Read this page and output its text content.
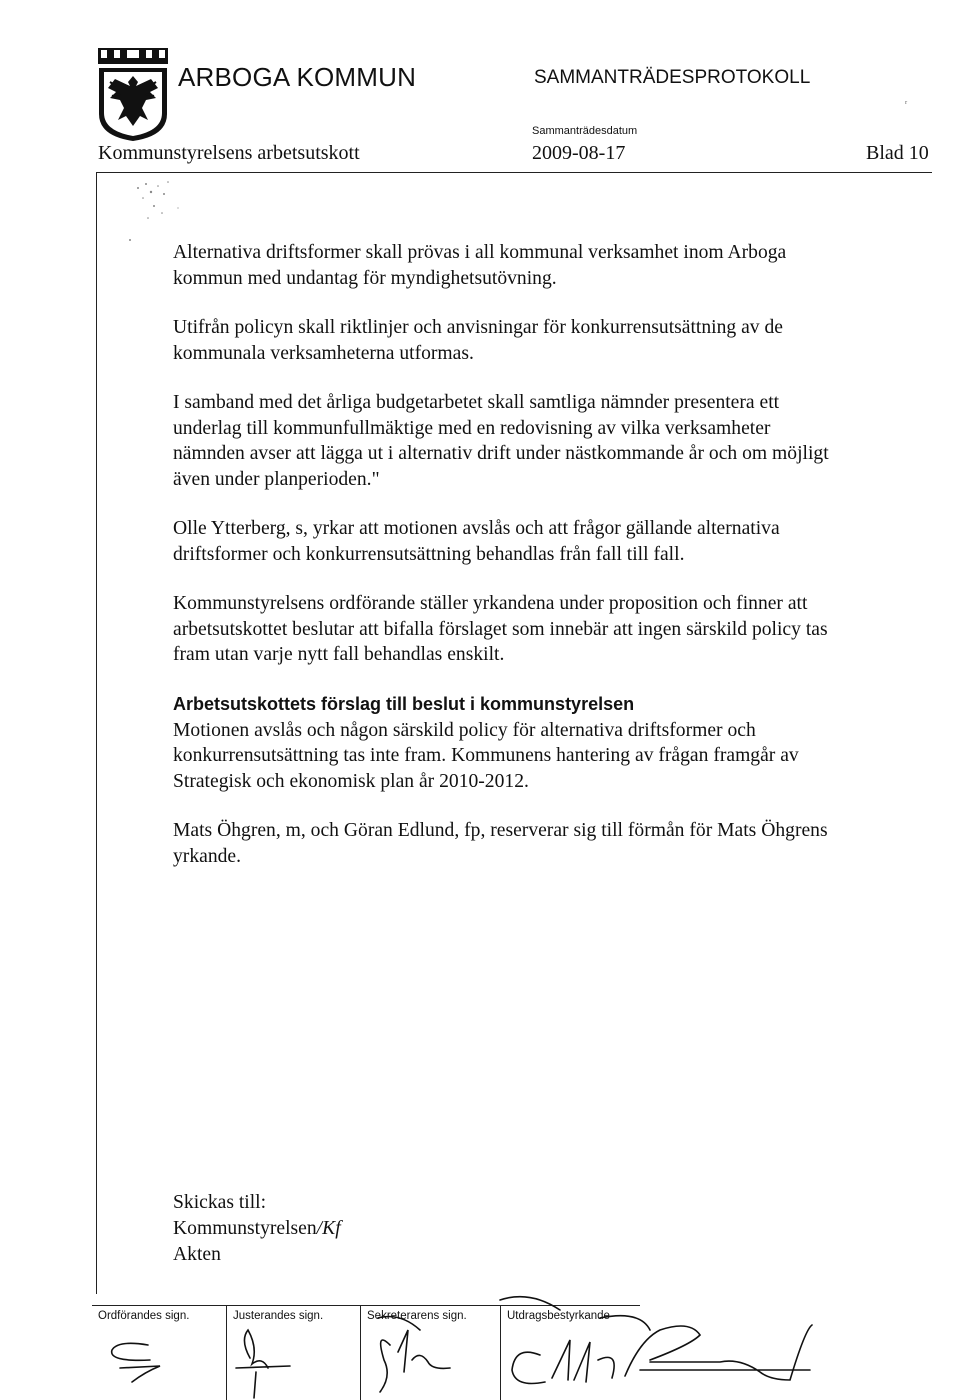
ARBOGA KOMMUN	SAMMANTRÄDESPROTOKOLL
ᵣ
Sammanträdesdatum
Kommunstyrelsens arbetsutskott	2009-08-17	Blad 10

Alternativa driftsformer skall prövas i all kommunal verksamhet inom Arboga kommun med undantag för myndighetsutövning.

Utifrån policyn skall riktlinjer och anvisningar för konkurrensutsättning av de kommunala verksamheterna utformas.

I samband med det årliga budgetarbetet skall samtliga nämnder presentera ett underlag till kommunfullmäktige med en redovisning av vilka verksamheter nämnden avser att lägga ut i alternativ drift under nästkommande år och om möjligt även under planperioden."

Olle Ytterberg, s, yrkar att motionen avslås och att frågor gällande alternativa driftsformer och konkurrensutsättning behandlas från fall till fall.

Kommunstyrelsens ordförande ställer yrkandena under proposition och finner att arbetsutskottet beslutar att bifalla förslaget som innebär att ingen särskild policy tas fram utan varje nytt fall behandlas enskilt.

Arbetsutskottets förslag till beslut i kommunstyrelsen

Motionen avslås och någon särskild policy för alternativa driftsformer och konkurrensutsättning tas inte fram. Kommunens hantering av frågan framgår av Strategisk och ekonomisk plan år 2010-2012.

Mats Öhgren, m, och Göran Edlund, fp, reserverar sig till förmån för Mats Öhgrens yrkande.

Skickas till:
Kommunstyrelsen/Kf
Akten
Ordförandes sign.	Justerandes sign.	Sekreterarens sign.	Utdragsbestyrkande
